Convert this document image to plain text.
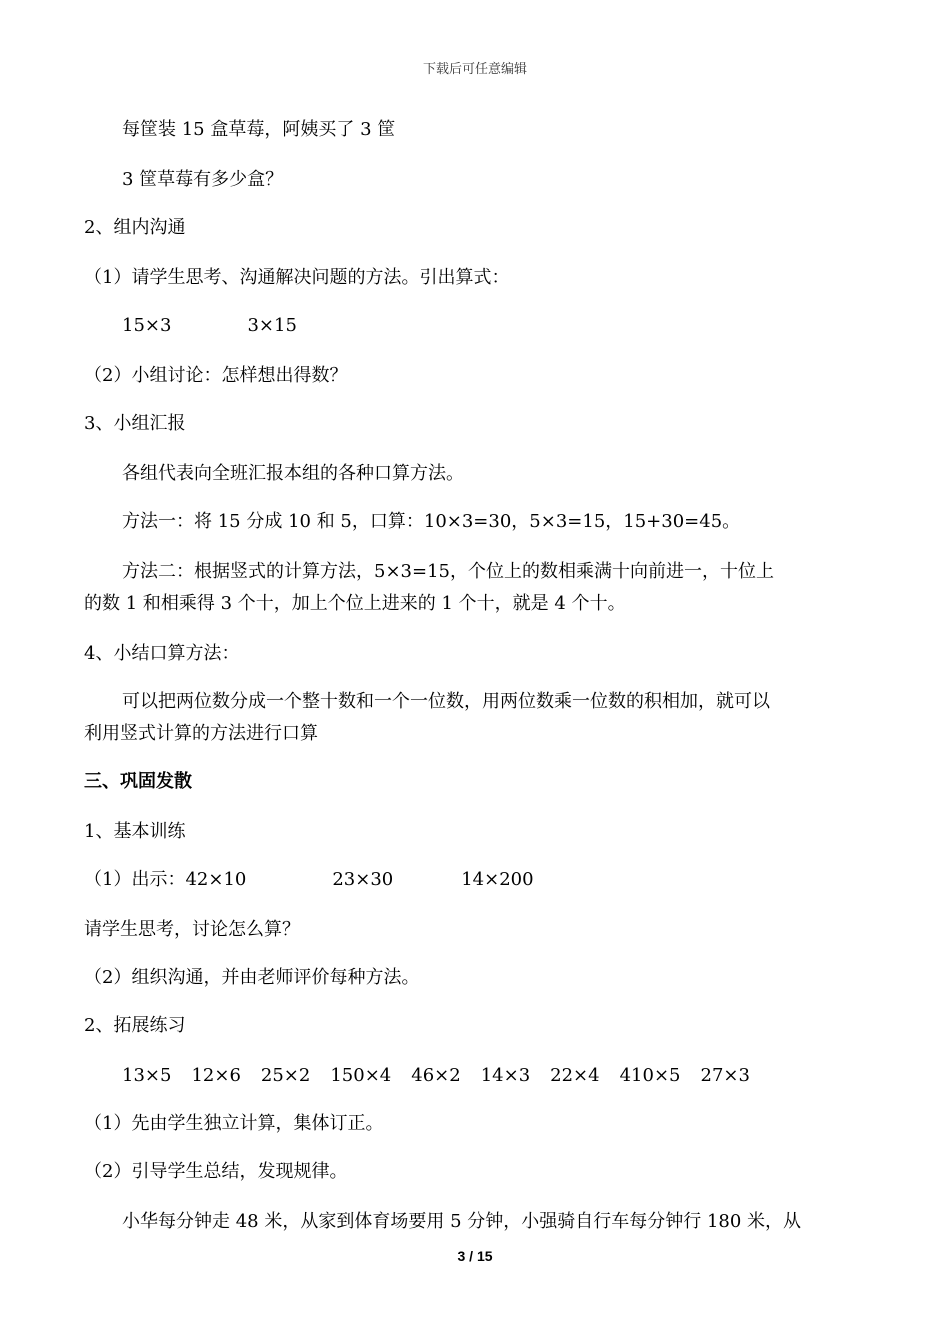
下载后可任意编辑
每筐装 15 盒草莓，阿姨买了 3 筐
3 筐草莓有多少盒？
2、组内沟通
（1）请学生思考、沟通解决问题的方法。引出算式：
15×3	3×15
（2）小组讨论：怎样想出得数？
3、小组汇报
各组代表向全班汇报本组的各种口算方法。
方法一：将 15 分成 10 和 5，口算：10×3=30，5×3=15，15+30=45。
方法二：根据竖式的计算方法，5×3=15，个位上的数相乘满十向前进一，十位上
的数 1 和相乘得 3 个十，加上个位上进来的 1 个十，就是 4 个十。
4、小结口算方法：
可以把两位数分成一个整十数和一个一位数，用两位数乘一位数的积相加，就可以
利用竖式计算的方法进行口算
三、巩固发散
1、基本训练
（1）出示：42×10	23×30	14×200
请学生思考，讨论怎么算？
（2）组织沟通，并由老师评价每种方法。
2、拓展练习
13×5 12×6 25×2 150×4 46×2 14×3 22×4 410×5 27×3
（1）先由学生独立计算，集体订正。
（2）引导学生总结，发现规律。
小华每分钟走 48 米，从家到体育场要用 5 分钟，小强骑自行车每分钟行 180 米，从
3 / 15
